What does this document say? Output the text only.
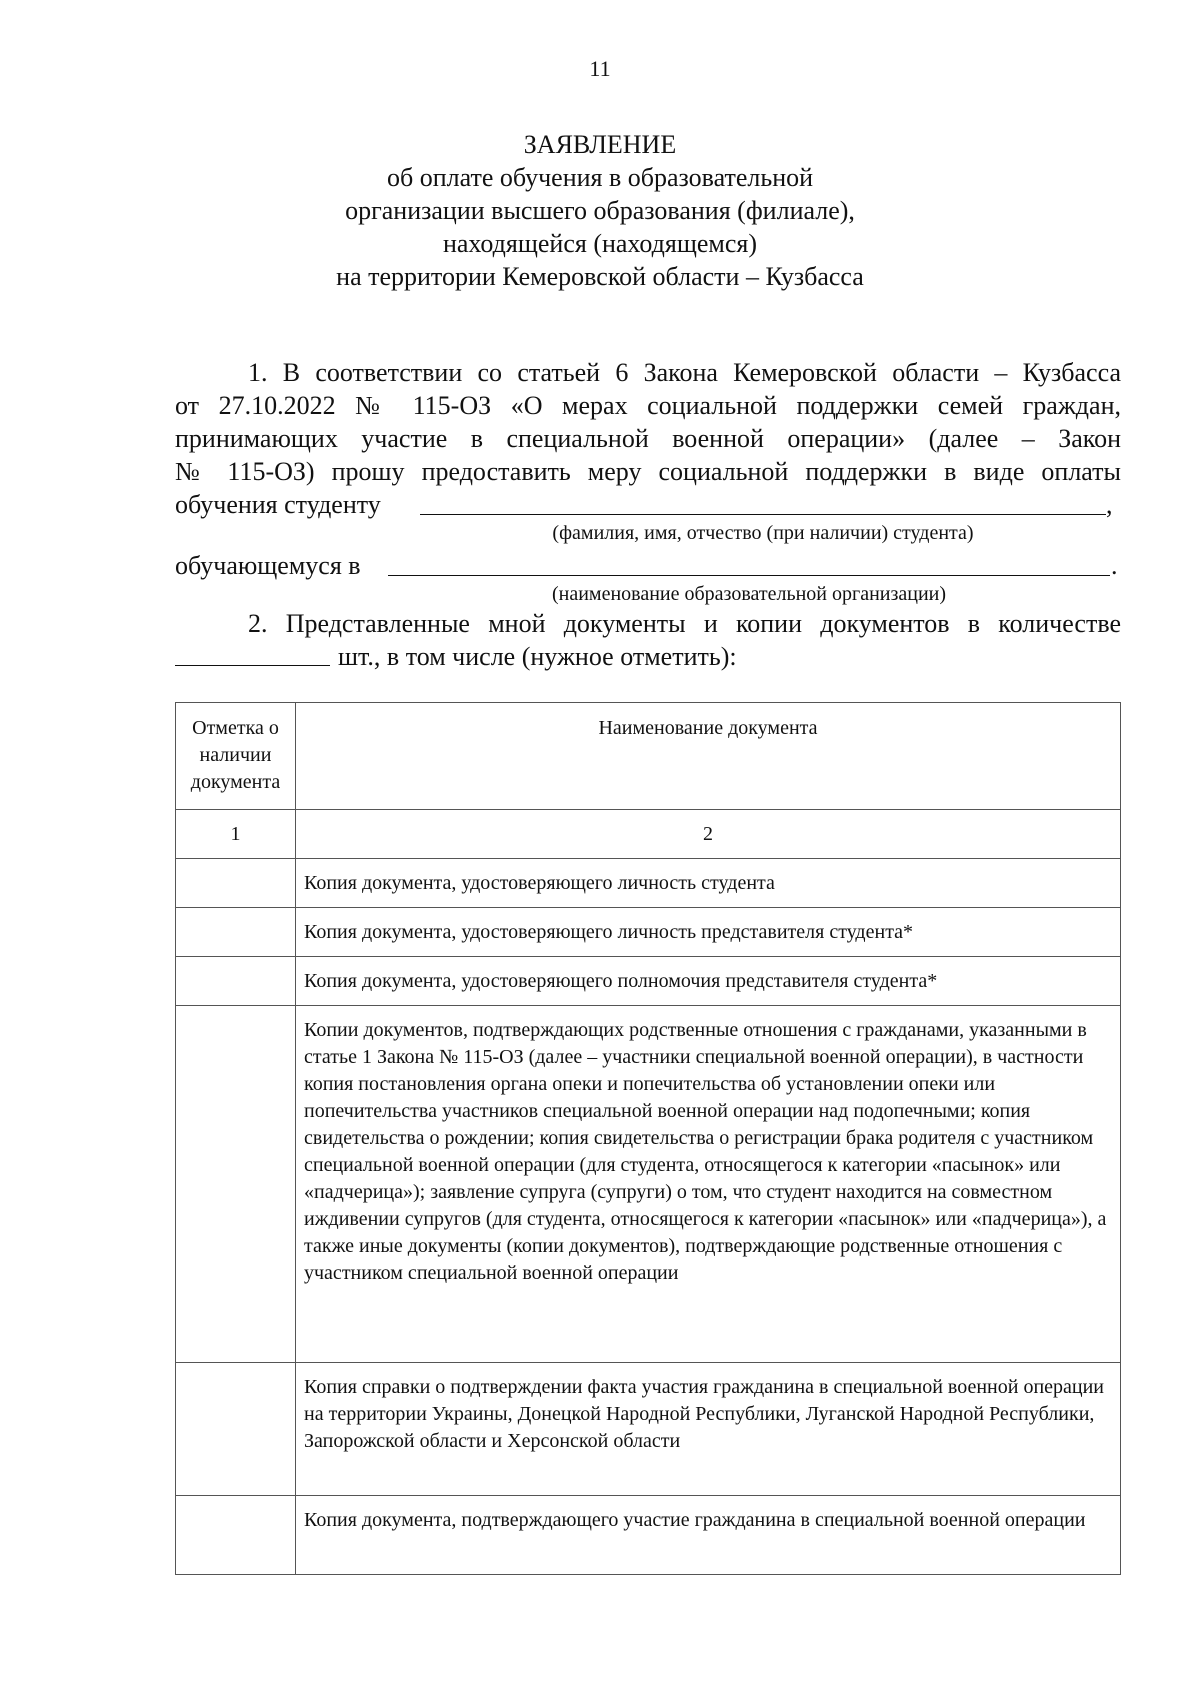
11
ЗАЯВЛЕНИЕ
об оплате обучения в образовательной
организации высшего образования (филиале),
находящейся (находящемся)
на территории Кемеровской области – Кузбасса
1. В соответствии со статьей 6 Закона Кемеровской области – Кузбасса
от 27.10.2022 № 115-ОЗ «О мерах социальной поддержки семей граждан,
принимающих участие в специальной военной операции» (далее – Закон
№ 115-ОЗ) прошу предоставить меру социальной поддержки в виде оплаты
обучения студенту	,
(фамилия, имя, отчество (при наличии) студента)
обучающемуся в	.
(наименование образовательной организации)
2. Представленные мной документы и копии документов в количестве
шт., в том числе (нужное отметить):
Отметка о наличии документа	Наименование документа
1	2
	Копия документа, удостоверяющего личность студента
	Копия документа, удостоверяющего личность представителя студента*
	Копия документа, удостоверяющего полномочия представителя студента*
	Копии документов, подтверждающих родственные отношения с гражданами, указанными в статье 1 Закона № 115-ОЗ (далее – участники специальной военной операции), в частности копия постановления органа опеки и попечительства об установлении опеки или попечительства участников специальной военной операции над подопечными; копия свидетельства о рождении; копия свидетельства о регистрации брака родителя с участником специальной военной операции (для студента, относящегося к категории «пасынок» или «падчерица»); заявление супруга (супруги) о том, что студент находится на совместном иждивении супругов (для студента, относящегося к категории «пасынок» или «падчерица»), а также иные документы (копии документов), подтверждающие родственные отношения с участником специальной военной операции
	Копия справки о подтверждении факта участия гражданина в специальной военной операции на территории Украины, Донецкой Народной Республики, Луганской Народной Республики, Запорожской области и Херсонской области
	Копия документа, подтверждающего участие гражданина в специальной военной операции
